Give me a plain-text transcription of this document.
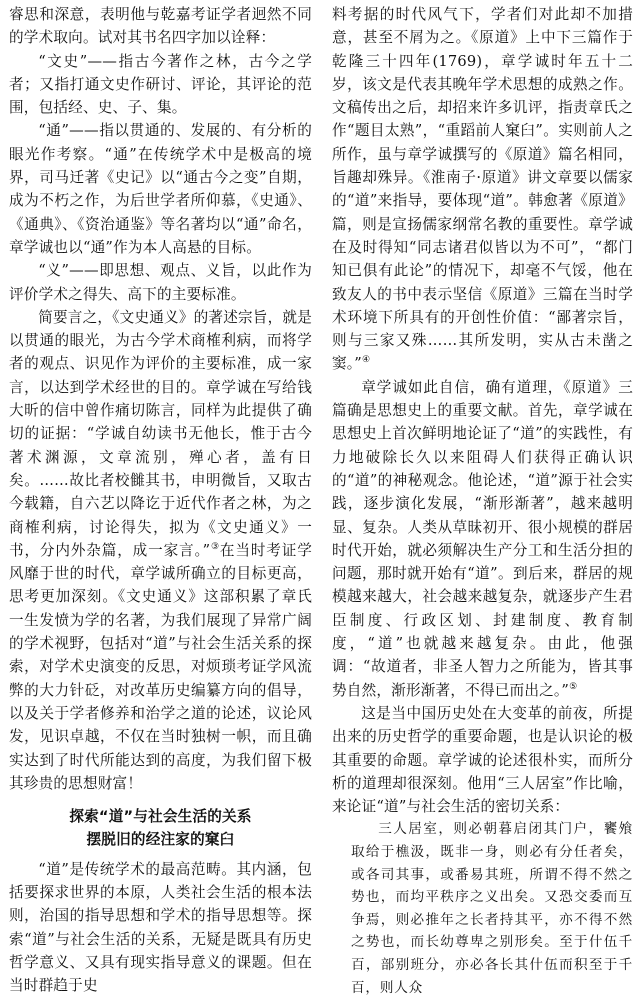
睿思和深意，表明他与乾嘉考证学者迥然不同的学术取向。试对其书名四字加以诠释：

“文史”——指古今著作之林，古今之学者；又指打通文史作研讨、评论，其评论的范围，包括经、史、子、集。

“通”——指以贯通的、发展的、有分析的眼光作考察。“通”在传统学术中是极高的境界，司马迁著《史记》以“通古今之变”自期，成为不朽之作，为后世学者所仰慕，《史通》、《通典》、《资治通鉴》等名著均以“通”命名，章学诚也以“通”作为本人高悬的目标。

“义”——即思想、观点、义旨，以此作为评价学术之得失、高下的主要标准。

简要言之，《文史通义》的著述宗旨，就是以贯通的眼光，为古今学术商榷利病，而将学者的观点、识见作为评价的主要标准，成一家言，以达到学术经世的目的。章学诚在写给钱大昕的信中曾作痛切陈言，同样为此提供了确切的证据：“学诚自幼读书无他长，惟于古今著术渊源，文章流别，殚心者，盖有日矣。……故比者校雠其书，申明微旨，又取古今载籍，自六艺以降讫于近代作者之林，为之商榷利病，讨论得失，拟为《文史通义》一书，分内外杂篇，成一家言。”③在当时考证学风靡于世的时代，章学诚所确立的目标更高，思考更加深刻。《文史通义》这部积累了章氏一生发愤为学的名著，为我们展现了异常广阔的学术视野，包括对“道”与社会生活关系的探索，对学术史演变的反思，对烦琐考证学风流弊的大力针砭，对改革历史编纂方向的倡导，以及关于学者修养和治学之道的论述，议论风发，见识卓越，不仅在当时独树一帜，而且确实达到了时代所能达到的高度，为我们留下极其珍贵的思想财富！

探索“道”与社会生活的关系

摆脱旧的经注家的窠臼

“道”是传统学术的最高范畴。其内涵，包括要探求世界的本原，人类社会生活的根本法则，治国的指导思想和学术的指导思想等。探索“道”与社会生活的关系，无疑是既具有历史哲学意义、又具有现实指导意义的课题。但在当时群趋于史

料考据的时代风气下，学者们对此却不加措意，甚至不屑为之。《原道》上中下三篇作于乾隆三十四年(1769)，章学诚时年五十二岁，该文是代表其晚年学术思想的成熟之作。文稿传出之后，却招来许多讥评，指责章氏之作“题目太熟”，“重蹈前人窠臼”。实则前人之所作，虽与章学诚撰写的《原道》篇名相同，旨趣却殊异。《淮南子·原道》讲文章要以儒家的“道”来指导，要体现“道”。韩愈著《原道》篇，则是宣扬儒家纲常名教的重要性。章学诚在及时得知“同志诸君似皆以为不可”，“都门知已俱有此论”的情况下，却毫不气馁，他在致友人的书中表示坚信《原道》三篇在当时学术环境下所具有的开创性价值：“鄙著宗旨，则与三家又殊……其所发明，实从古未凿之窦。”④

章学诚如此自信，确有道理，《原道》三篇确是思想史上的重要文献。首先，章学诚在思想史上首次鲜明地论证了“道”的实践性，有力地破除长久以来阻碍人们获得正确认识的“道”的神秘观念。他论述，“道”源于社会实践，逐步演化发展，“渐形渐著”，越来越明显、复杂。人类从草昧初开、很小规模的群居时代开始，就必须解决生产分工和生活分担的问题，那时就开始有“道”。到后来，群居的规模越来越大，社会越来越复杂，就逐步产生君臣制度、行政区划、封建制度、教育制度，“道”也就越来越复杂。由此，他强调：“故道者，非圣人智力之所能为，皆其事势自然，渐形渐著，不得已而出之。”⑤

这是当中国历史处在大变革的前夜，所提出来的历史哲学的重要命题，也是认识论的极其重要的命题。章学诚的论述很朴实，而所分析的道理却很深刻。他用“三人居室”作比喻，来论证“道”与社会生活的密切关系：

三人居室，则必朝暮启闭其门户，饔飧取给于樵汲，既非一身，则必有分任者矣，或各司其事，或番易其班，所谓不得不然之势也，而均平秩序之义出矣。又恐交委而互争焉，则必推年之长者持其平，亦不得不然之势也，而长幼尊卑之别形矣。至于什伍千百，部别班分，亦必各长其什伍而积至于千百，则人众
